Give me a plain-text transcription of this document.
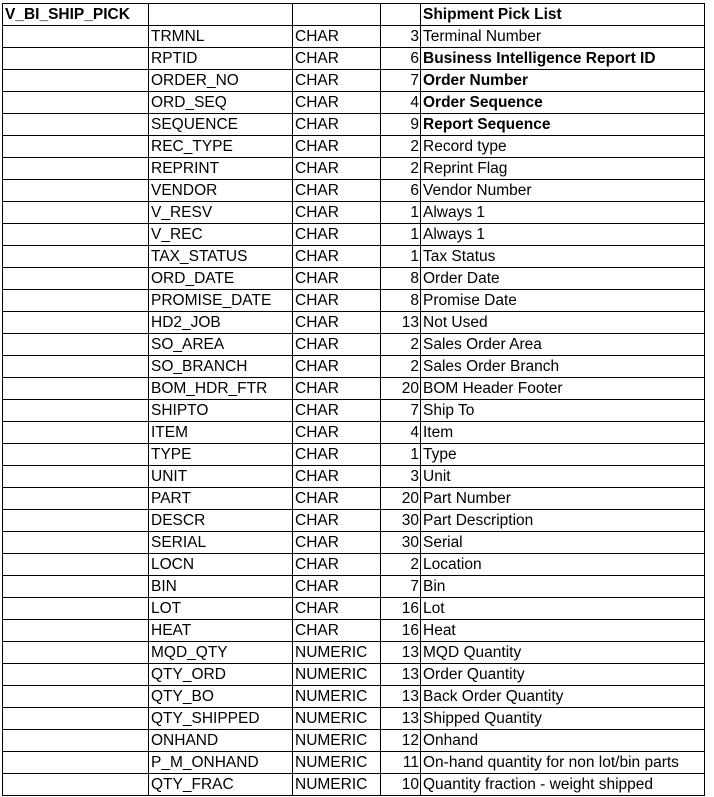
V_BI_SHIP_PICK				Shipment Pick List
	TRMNL	CHAR	3	Terminal Number
	RPTID	CHAR	6	Business Intelligence Report ID
	ORDER_NO	CHAR	7	Order Number
	ORD_SEQ	CHAR	4	Order Sequence
	SEQUENCE	CHAR	9	Report Sequence
	REC_TYPE	CHAR	2	Record type
	REPRINT	CHAR	2	Reprint Flag
	VENDOR	CHAR	6	Vendor Number
	V_RESV	CHAR	1	Always 1
	V_REC	CHAR	1	Always 1
	TAX_STATUS	CHAR	1	Tax Status
	ORD_DATE	CHAR	8	Order Date
	PROMISE_DATE	CHAR	8	Promise Date
	HD2_JOB	CHAR	13	Not Used
	SO_AREA	CHAR	2	Sales Order Area
	SO_BRANCH	CHAR	2	Sales Order Branch
	BOM_HDR_FTR	CHAR	20	BOM Header Footer
	SHIPTO	CHAR	7	Ship To
	ITEM	CHAR	4	Item
	TYPE	CHAR	1	Type
	UNIT	CHAR	3	Unit
	PART	CHAR	20	Part Number
	DESCR	CHAR	30	Part Description
	SERIAL	CHAR	30	Serial
	LOCN	CHAR	2	Location
	BIN	CHAR	7	Bin
	LOT	CHAR	16	Lot
	HEAT	CHAR	16	Heat
	MQD_QTY	NUMERIC	13	MQD Quantity
	QTY_ORD	NUMERIC	13	Order Quantity
	QTY_BO	NUMERIC	13	Back Order Quantity
	QTY_SHIPPED	NUMERIC	13	Shipped Quantity
	ONHAND	NUMERIC	12	Onhand
	P_M_ONHAND	NUMERIC	11	On-hand quantity for non lot/bin parts
	QTY_FRAC	NUMERIC	10	Quantity fraction - weight shipped
